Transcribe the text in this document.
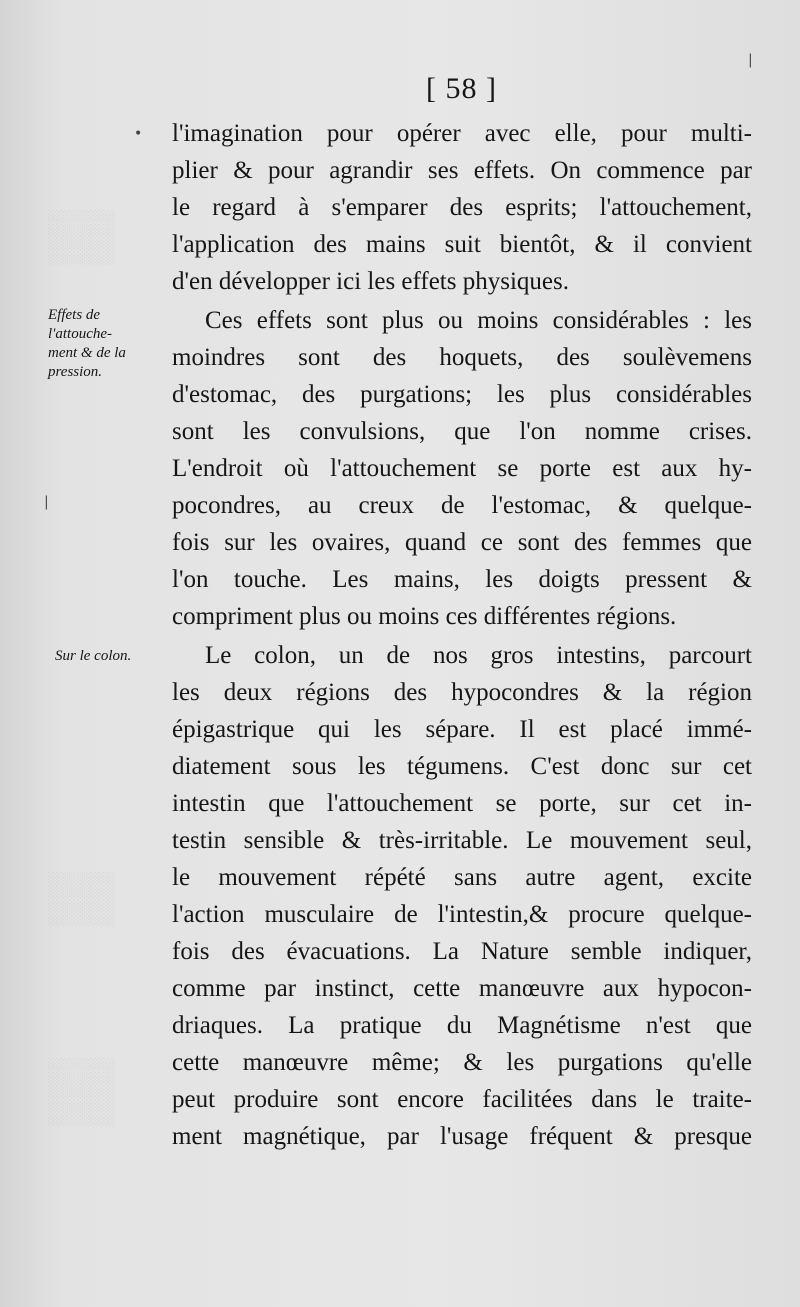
[ 58 ]
•
|
|
░░░░░░░░
░░░░░░░░
░░░░░░░░
░░░░░░░░
░░░░░░░░
░░░░░░░░
░░░░░░░░
░░░░░░░░
░░░░░░░░
░░░░░░░░
░░░░░░░░
░░░░░░░░
░░░░░░░░
Effets de
l'attouche-
ment & de la
pression.
Sur le colon.
l'imagination pour opérer avec elle, pour multi-
plier & pour agrandir ses effets. On commence par
le regard à s'emparer des esprits; l'attouchement,
l'application des mains suit bientôt, & il convient
d'en développer ici les effets physiques.
Ces effets sont plus ou moins considérables : les
moindres sont des hoquets, des soulèvemens
d'estomac, des purgations; les plus considérables
sont les convulsions, que l'on nomme crises.
L'endroit où l'attouchement se porte est aux hy-
pocondres, au creux de l'estomac, & quelque-
fois sur les ovaires, quand ce sont des femmes que
l'on touche. Les mains, les doigts pressent &
compriment plus ou moins ces différentes régions.
Le colon, un de nos gros intestins, parcourt
les deux régions des hypocondres & la région
épigastrique qui les sépare. Il est placé immé-
diatement sous les tégumens. C'est donc sur cet
intestin que l'attouchement se porte, sur cet in-
testin sensible & très-irritable. Le mouvement seul,
le mouvement répété sans autre agent, excite
l'action musculaire de l'intestin,& procure quelque-
fois des évacuations. La Nature semble indiquer,
comme par instinct, cette manœuvre aux hypocon-
driaques. La pratique du Magnétisme n'est que
cette manœuvre même; & les purgations qu'elle
peut produire sont encore facilitées dans le traite-
ment magnétique, par l'usage fréquent & presque
